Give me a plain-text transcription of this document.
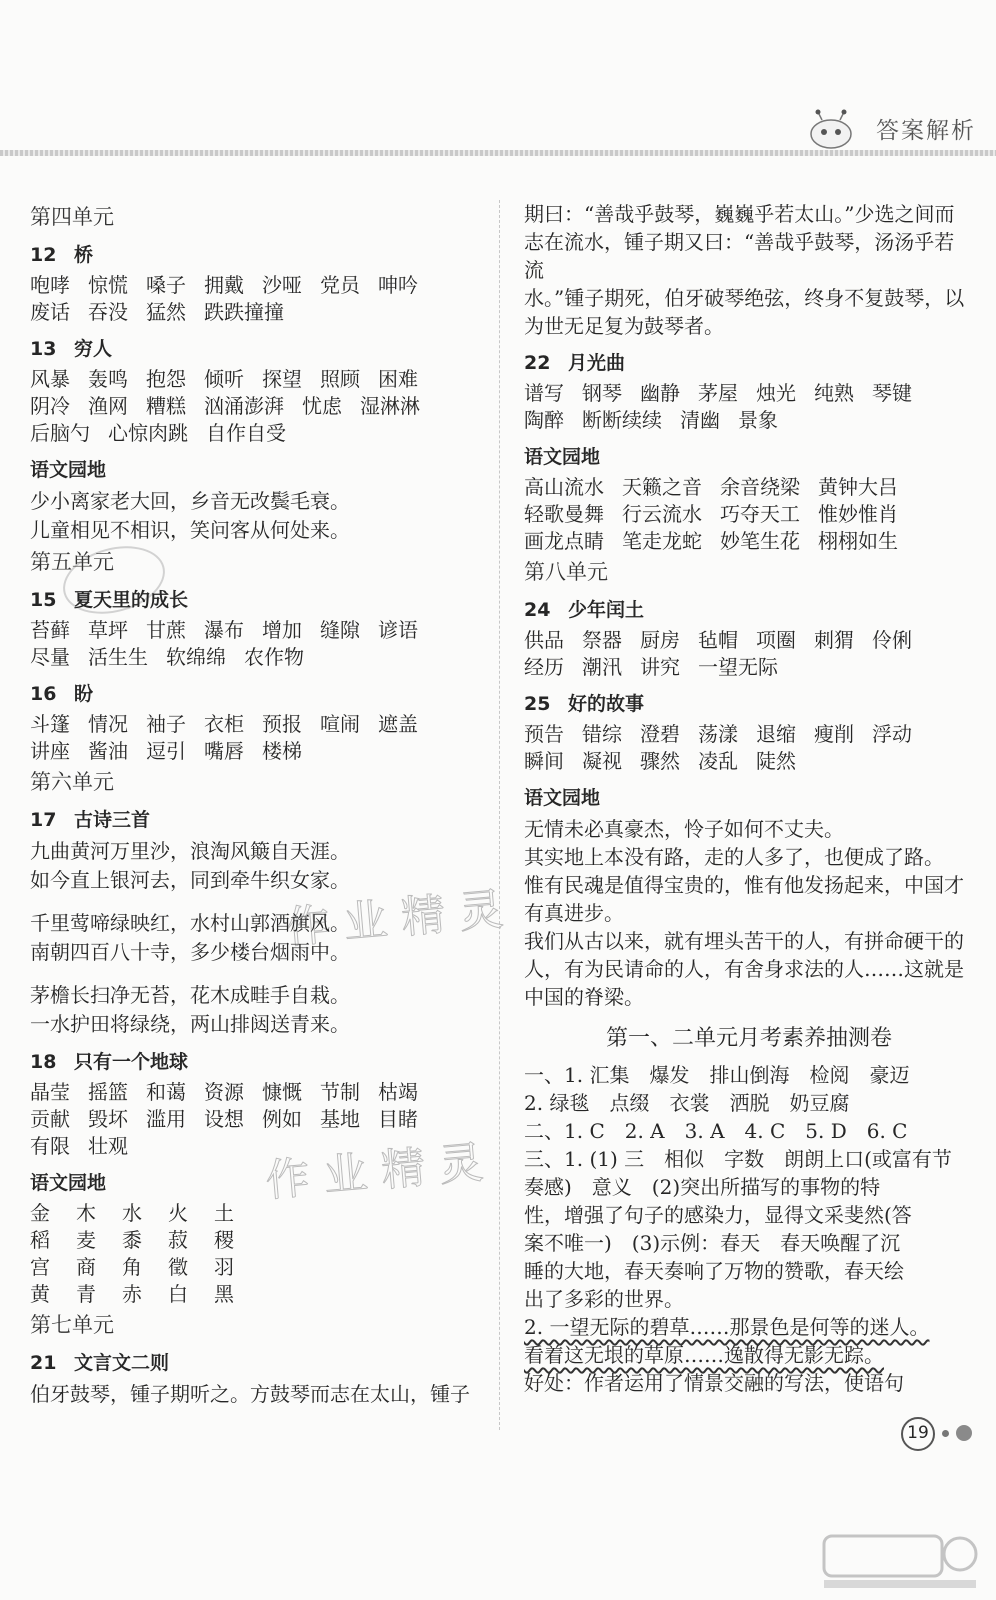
答案解析
作业精灵
作业精灵
第四单元
12 桥
咆哮 惊慌 嗓子 拥戴 沙哑 党员 呻吟
废话 吞没 猛然 跌跌撞撞
13 穷人
风暴 轰鸣 抱怨 倾听 探望 照顾 困难
阴冷 渔网 糟糕 汹涌澎湃 忧虑 湿淋淋
后脑勺 心惊肉跳 自作自受
语文园地
少小离家老大回，乡音无改鬓毛衰。
儿童相见不相识，笑问客从何处来。
第五单元
15 夏天里的成长
苔藓 草坪 甘蔗 瀑布 增加 缝隙 谚语
尽量 活生生 软绵绵 农作物
16 盼
斗篷 情况 袖子 衣柜 预报 喧闹 遮盖
讲座 酱油 逗引 嘴唇 楼梯
第六单元
17 古诗三首
九曲黄河万里沙，浪淘风簸自天涯。
如今直上银河去，同到牵牛织女家。
千里莺啼绿映红，水村山郭酒旗风。
南朝四百八十寺，多少楼台烟雨中。
茅檐长扫净无苔，花木成畦手自栽。
一水护田将绿绕，两山排闼送青来。
18 只有一个地球
晶莹 摇篮 和蔼 资源 慷慨 节制 枯竭
贡献 毁坏 滥用 设想 例如 基地 目睹
有限 壮观
语文园地
金 木 水 火 土
稻 麦 黍 菽 稷
宫 商 角 徵 羽
黄 青 赤 白 黑
第七单元
21 文言文二则
伯牙鼓琴，锺子期听之。方鼓琴而志在太山，锺子
期曰：“善哉乎鼓琴，巍巍乎若太山。”少选之间而
志在流水，锺子期又曰：“善哉乎鼓琴，汤汤乎若流
水。”锺子期死，伯牙破琴绝弦，终身不复鼓琴，以
为世无足复为鼓琴者。
22 月光曲
谱写 钢琴 幽静 茅屋 烛光 纯熟 琴键
陶醉 断断续续 清幽 景象
语文园地
高山流水 天籁之音 余音绕梁 黄钟大吕
轻歌曼舞 行云流水 巧夺天工 惟妙惟肖
画龙点睛 笔走龙蛇 妙笔生花 栩栩如生
第八单元
24 少年闰土
供品 祭器 厨房 毡帽 项圈 刺猬 伶俐
经历 潮汛 讲究 一望无际
25 好的故事
预告 错综 澄碧 荡漾 退缩 瘦削 浮动
瞬间 凝视 骤然 凌乱 陡然
语文园地
无情未必真豪杰，怜子如何不丈夫。
其实地上本没有路，走的人多了，也便成了路。
惟有民魂是值得宝贵的，惟有他发扬起来，中国才
有真进步。
我们从古以来，就有埋头苦干的人，有拼命硬干的
人，有为民请命的人，有舍身求法的人……这就是
中国的脊梁。
第一、二单元月考素养抽测卷
一、1. 汇集　爆发　排山倒海　检阅　豪迈
2. 绿毯　点缀　衣裳　洒脱　奶豆腐
二、1. C　2. A　3. A　4. C　5. D　6. C
三、1. (1) 三　相似　字数　朗朗上口(或富有节
奏感)　意义　(2)突出所描写的事物的特
性，增强了句子的感染力，显得文采斐然(答
案不唯一)　(3)示例：春天　春天唤醒了沉
睡的大地，春天奏响了万物的赞歌，春天绘
出了多彩的世界。
2. 一望无际的碧草……那景色是何等的迷人。
看着这无垠的草原……逸散得无影无踪。
好处：作者运用了情景交融的写法，使语句
19
